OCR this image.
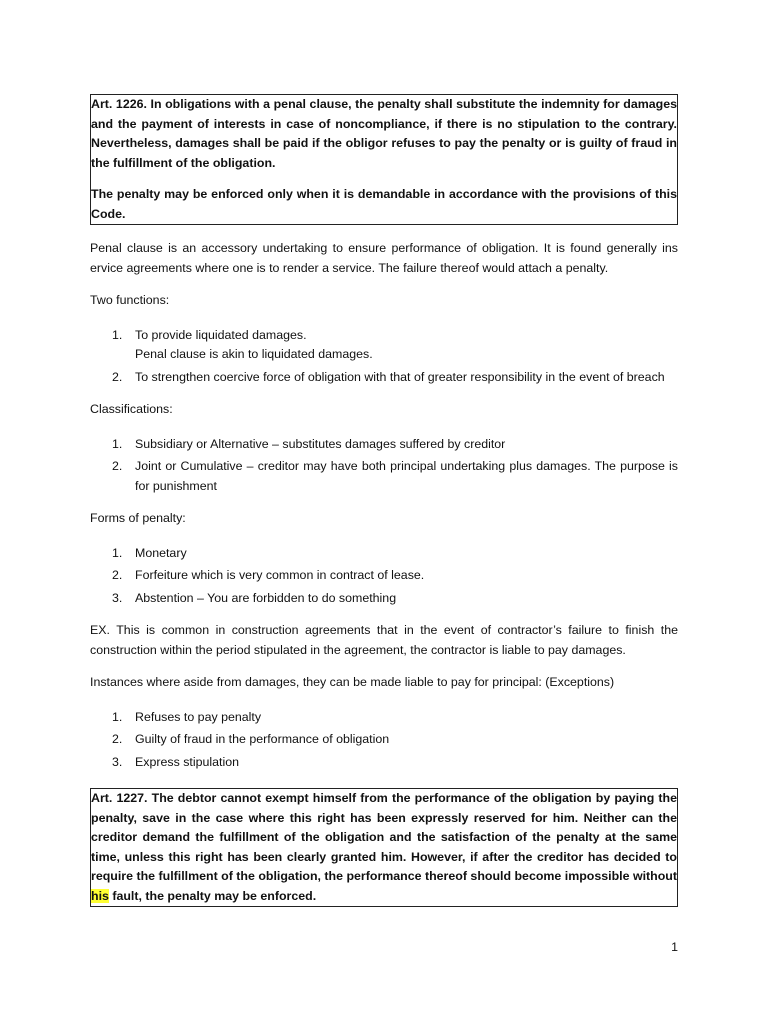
Art. 1226. In obligations with a penal clause, the penalty shall substitute the indemnity for damages and the payment of interests in case of noncompliance, if there is no stipulation to the contrary. Nevertheless, damages shall be paid if the obligor refuses to pay the penalty or is guilty of fraud in the fulfillment of the obligation.

The penalty may be enforced only when it is demandable in accordance with the provisions of this Code.

Penal clause is an accessory undertaking to ensure performance of obligation. It is found generally ins ervice agreements where one is to render a service. The failure thereof would attach a penalty.

Two functions:

1. To provide liquidated damages.
Penal clause is akin to liquidated damages.
2. To strengthen coercive force of obligation with that of greater responsibility in the event of breach

Classifications:

1. Subsidiary or Alternative – substitutes damages suffered by creditor
2. Joint or Cumulative – creditor may have both principal undertaking plus damages. The purpose is for punishment

Forms of penalty:

1. Monetary
2. Forfeiture which is very common in contract of lease.
3. Abstention – You are forbidden to do something

EX. This is common in construction agreements that in the event of contractor’s failure to finish the construction within the period stipulated in the agreement, the contractor is liable to pay damages.

Instances where aside from damages, they can be made liable to pay for principal: (Exceptions)

1. Refuses to pay penalty
2. Guilty of fraud in the performance of obligation
3. Express stipulation

Art. 1227. The debtor cannot exempt himself from the performance of the obligation by paying the penalty, save in the case where this right has been expressly reserved for him. Neither can the creditor demand the fulfillment of the obligation and the satisfaction of the penalty at the same time, unless this right has been clearly granted him. However, if after the creditor has decided to require the fulfillment of the obligation, the performance thereof should become impossible without his fault, the penalty may be enforced.

1
